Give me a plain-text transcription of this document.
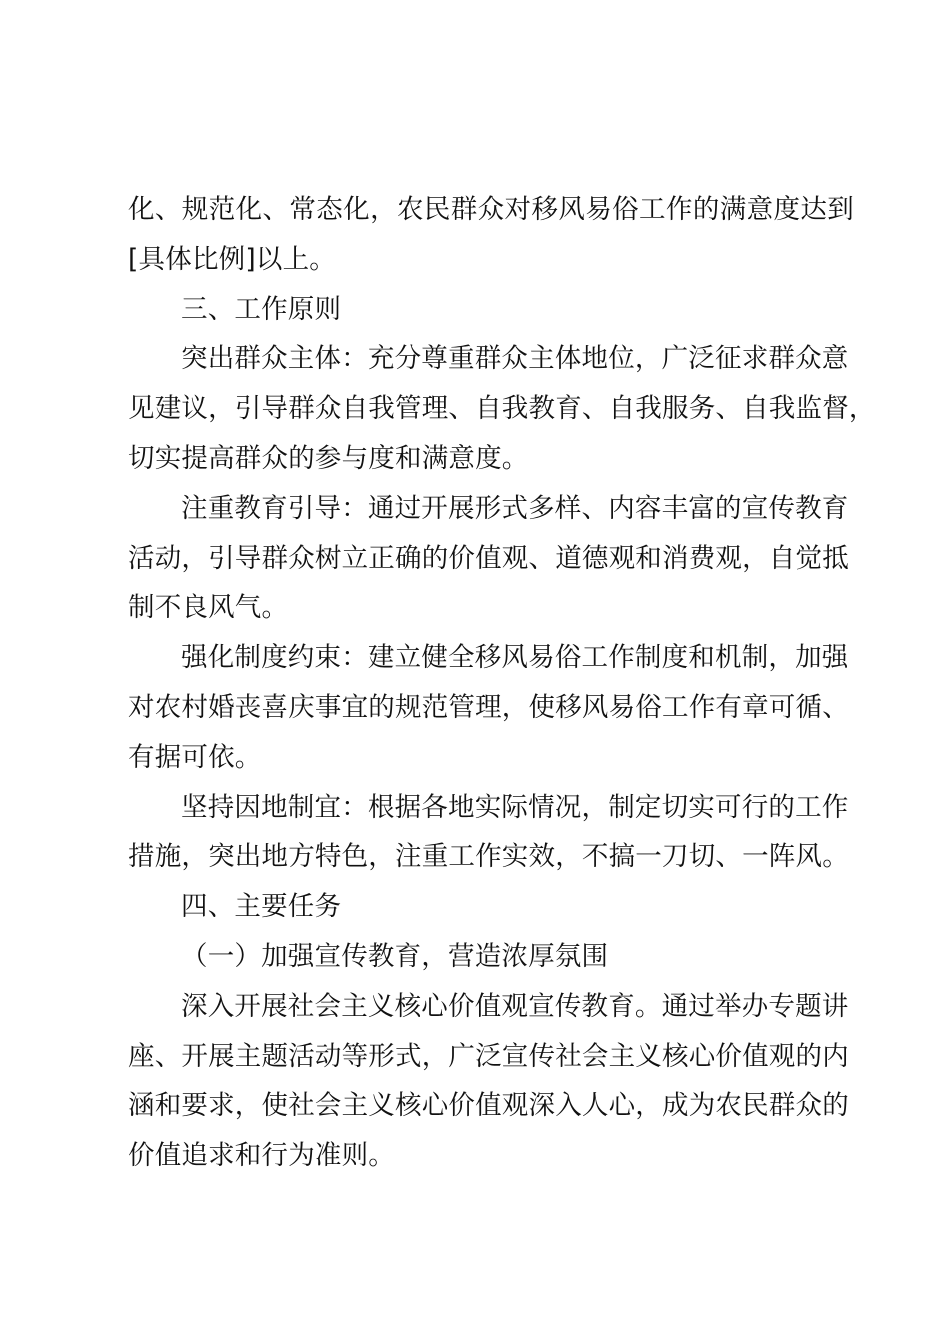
化、规范化、常态化，农民群众对移风易俗工作的满意度达到
[具体比例]以上。
三、工作原则
突出群众主体：充分尊重群众主体地位，广泛征求群众意
见建议，引导群众自我管理、自我教育、自我服务、自我监督，
切实提高群众的参与度和满意度。
注重教育引导：通过开展形式多样、内容丰富的宣传教育
活动，引导群众树立正确的价值观、道德观和消费观，自觉抵
制不良风气。
强化制度约束：建立健全移风易俗工作制度和机制，加强
对农村婚丧喜庆事宜的规范管理，使移风易俗工作有章可循、
有据可依。
坚持因地制宜：根据各地实际情况，制定切实可行的工作
措施，突出地方特色，注重工作实效，不搞一刀切、一阵风。
四、主要任务
（一）加强宣传教育，营造浓厚氛围
深入开展社会主义核心价值观宣传教育。通过举办专题讲
座、开展主题活动等形式，广泛宣传社会主义核心价值观的内
涵和要求，使社会主义核心价值观深入人心，成为农民群众的
价值追求和行为准则。
